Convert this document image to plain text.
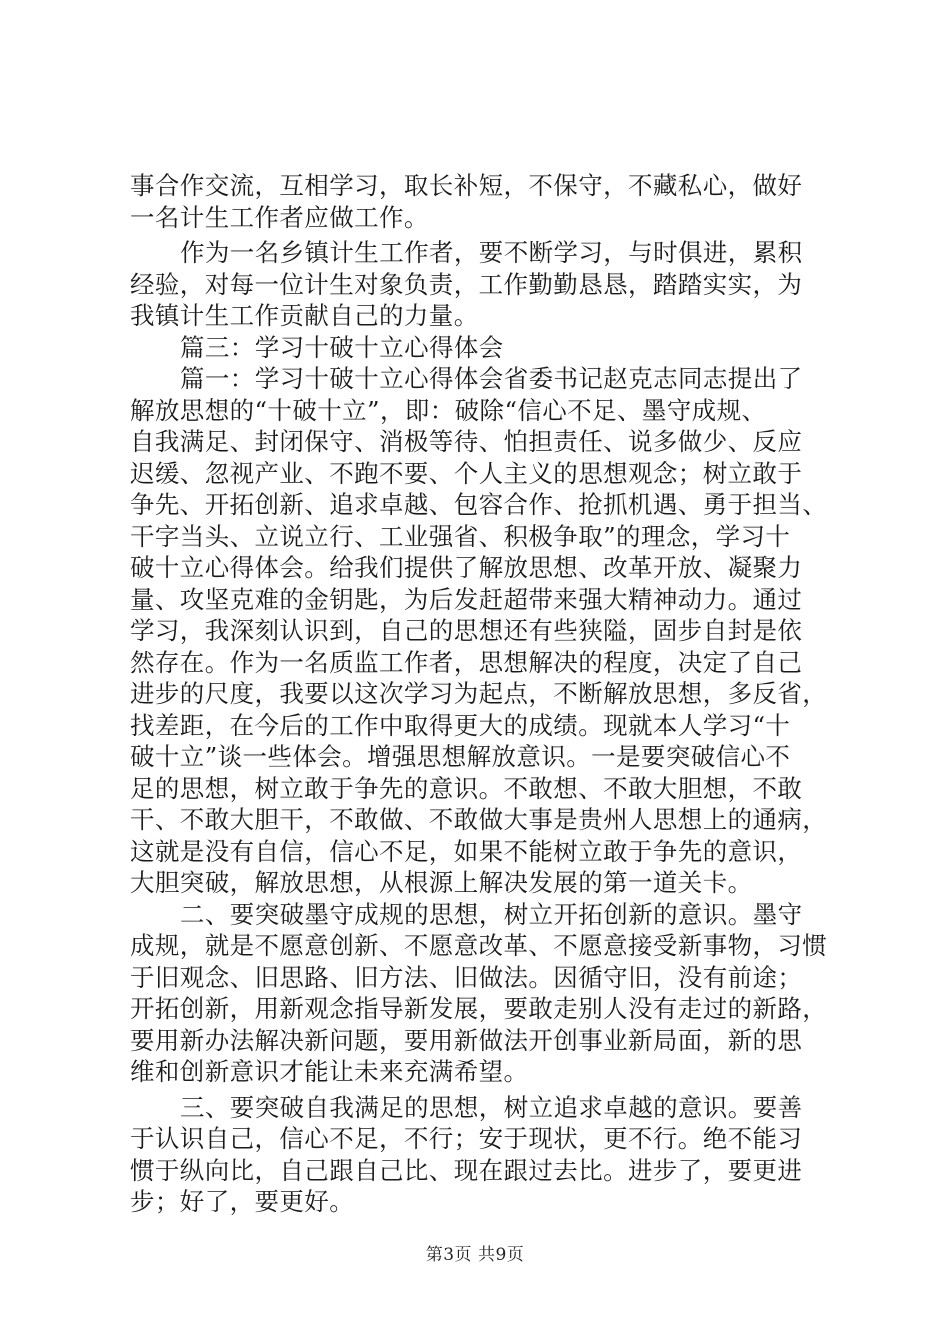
事合作交流，互相学习，取长补短，不保守，不藏私心，做好
一名计生工作者应做工作。
作为一名乡镇计生工作者，要不断学习，与时俱进，累积
经验，对每一位计生对象负责，工作勤勤恳恳，踏踏实实，为
我镇计生工作贡献自己的力量。
篇三：学习十破十立心得体会
篇一：学习十破十立心得体会省委书记赵克志同志提出了
解放思想的“十破十立”，即：破除“信心不足、墨守成规、
自我满足、封闭保守、消极等待、怕担责任、说多做少、反应
迟缓、忽视产业、不跑不要、个人主义的思想观念；树立敢于
争先、开拓创新、追求卓越、包容合作、抢抓机遇、勇于担当、
干字当头、立说立行、工业强省、积极争取”的理念，学习十
破十立心得体会。给我们提供了解放思想、改革开放、凝聚力
量、攻坚克难的金钥匙，为后发赶超带来强大精神动力。通过
学习，我深刻认识到，自己的思想还有些狭隘，固步自封是依
然存在。作为一名质监工作者，思想解决的程度，决定了自己
进步的尺度，我要以这次学习为起点，不断解放思想，多反省，
找差距，在今后的工作中取得更大的成绩。现就本人学习“十
破十立”谈一些体会。增强思想解放意识。一是要突破信心不
足的思想，树立敢于争先的意识。不敢想、不敢大胆想，不敢
干、不敢大胆干，不敢做、不敢做大事是贵州人思想上的通病，
这就是没有自信，信心不足，如果不能树立敢于争先的意识，
大胆突破，解放思想，从根源上解决发展的第一道关卡。
二、要突破墨守成规的思想，树立开拓创新的意识。墨守
成规，就是不愿意创新、不愿意改革、不愿意接受新事物，习惯
于旧观念、旧思路、旧方法、旧做法。因循守旧，没有前途；
开拓创新，用新观念指导新发展，要敢走别人没有走过的新路，
要用新办法解决新问题，要用新做法开创事业新局面，新的思
维和创新意识才能让未来充满希望。
三、要突破自我满足的思想，树立追求卓越的意识。要善
于认识自己，信心不足，不行；安于现状，更不行。绝不能习
惯于纵向比，自己跟自己比、现在跟过去比。进步了，要更进
步；好了，要更好。
第3页 共9页
